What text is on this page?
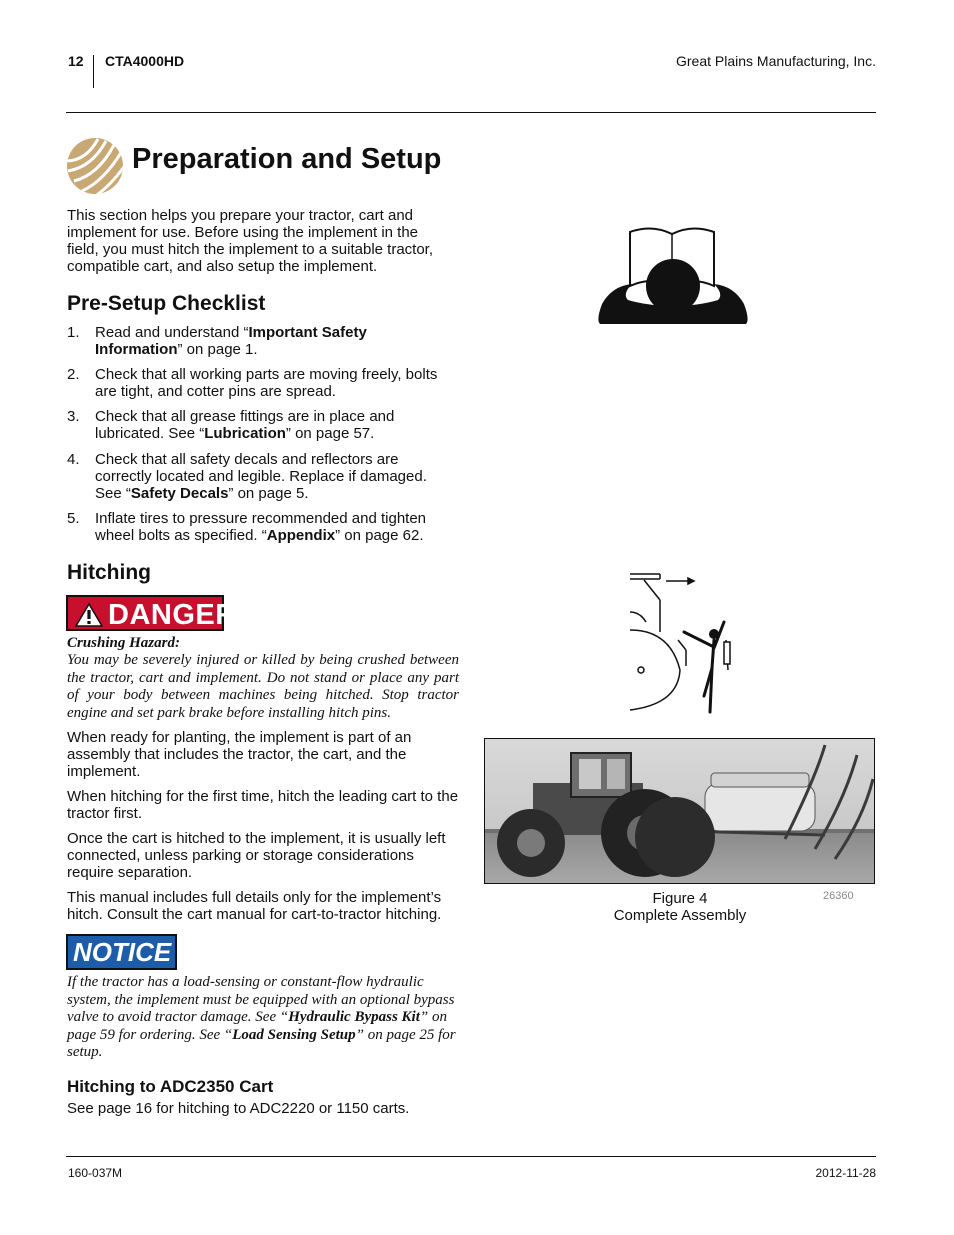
12 CTA4000HD	Great Plains Manufacturing, Inc.
Preparation and Setup
This section helps you prepare your tractor, cart and implement for use. Before using the implement in the field, you must hitch the implement to a suitable tractor, compatible cart, and also setup the implement.
Pre-Setup Checklist
1. Read and understand “Important Safety Information” on page 1.
2. Check that all working parts are moving freely, bolts are tight, and cotter pins are spread.
3. Check that all grease fittings are in place and lubricated. See “Lubrication” on page 57.
4. Check that all safety decals and reflectors are correctly located and legible. Replace if damaged. See “Safety Decals” on page 5.
5. Inflate tires to pressure recommended and tighten wheel bolts as specified. “Appendix” on page 62.
Hitching
DANGER
Crushing Hazard:
You may be severely injured or killed by being crushed between the tractor, cart and implement. Do not stand or place any part of your body between machines being hitched. Stop tractor engine and set park brake before installing hitch pins.
When ready for planting, the implement is part of an assembly that includes the tractor, the cart, and the implement.
When hitching for the first time, hitch the leading cart to the tractor first.
Once the cart is hitched to the implement, it is usually left connected, unless parking or storage considerations require separation.
This manual includes full details only for the implement’s hitch. Consult the cart manual for cart-to-tractor hitching.
NOTICE
If the tractor has a load-sensing or constant-flow hydraulic system, the implement must be equipped with an optional bypass valve to avoid tractor damage. See “Hydraulic Bypass Kit” on page 59 for ordering. See “Load Sensing Setup” on page 25 for setup.
Hitching to ADC2350 Cart
See page 16 for hitching to ADC2220 or 1150 carts.
Figure 4
Complete Assembly
26360
160-037M	2012-11-28
